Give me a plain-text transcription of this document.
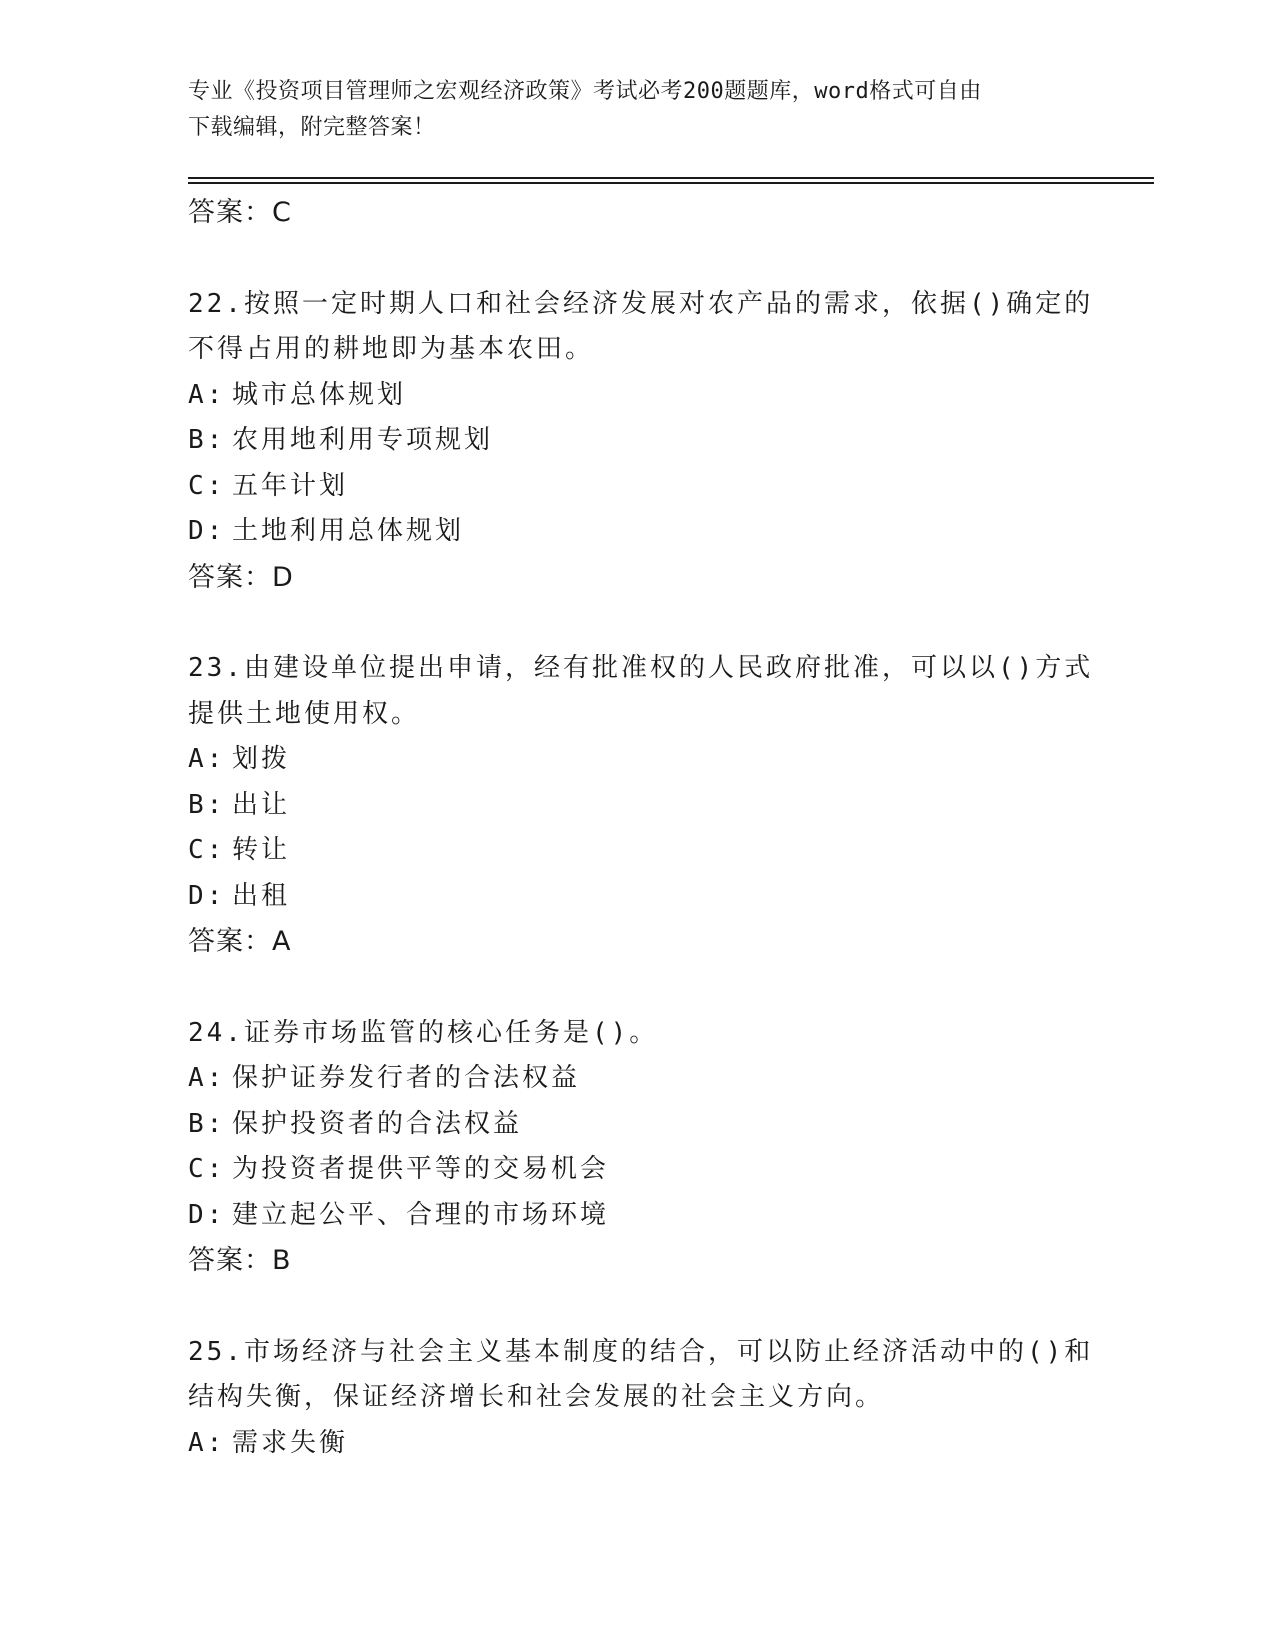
专业《投资项目管理师之宏观经济政策》考试必考200题题库，word格式可自由
下载编辑，附完整答案！
答案：C
22.按照一定时期人口和社会经济发展对农产品的需求，依据()确定的
不得占用的耕地即为基本农田。
A: 城市总体规划
B: 农用地利用专项规划
C: 五年计划
D: 土地利用总体规划
答案：D
23.由建设单位提出申请，经有批准权的人民政府批准，可以以()方式
提供土地使用权。
A: 划拨
B: 出让
C: 转让
D: 出租
答案：A
24.证券市场监管的核心任务是()。
A: 保护证券发行者的合法权益
B: 保护投资者的合法权益
C: 为投资者提供平等的交易机会
D: 建立起公平、合理的市场环境
答案：B
25.市场经济与社会主义基本制度的结合，可以防止经济活动中的()和
结构失衡，保证经济增长和社会发展的社会主义方向。
A: 需求失衡
